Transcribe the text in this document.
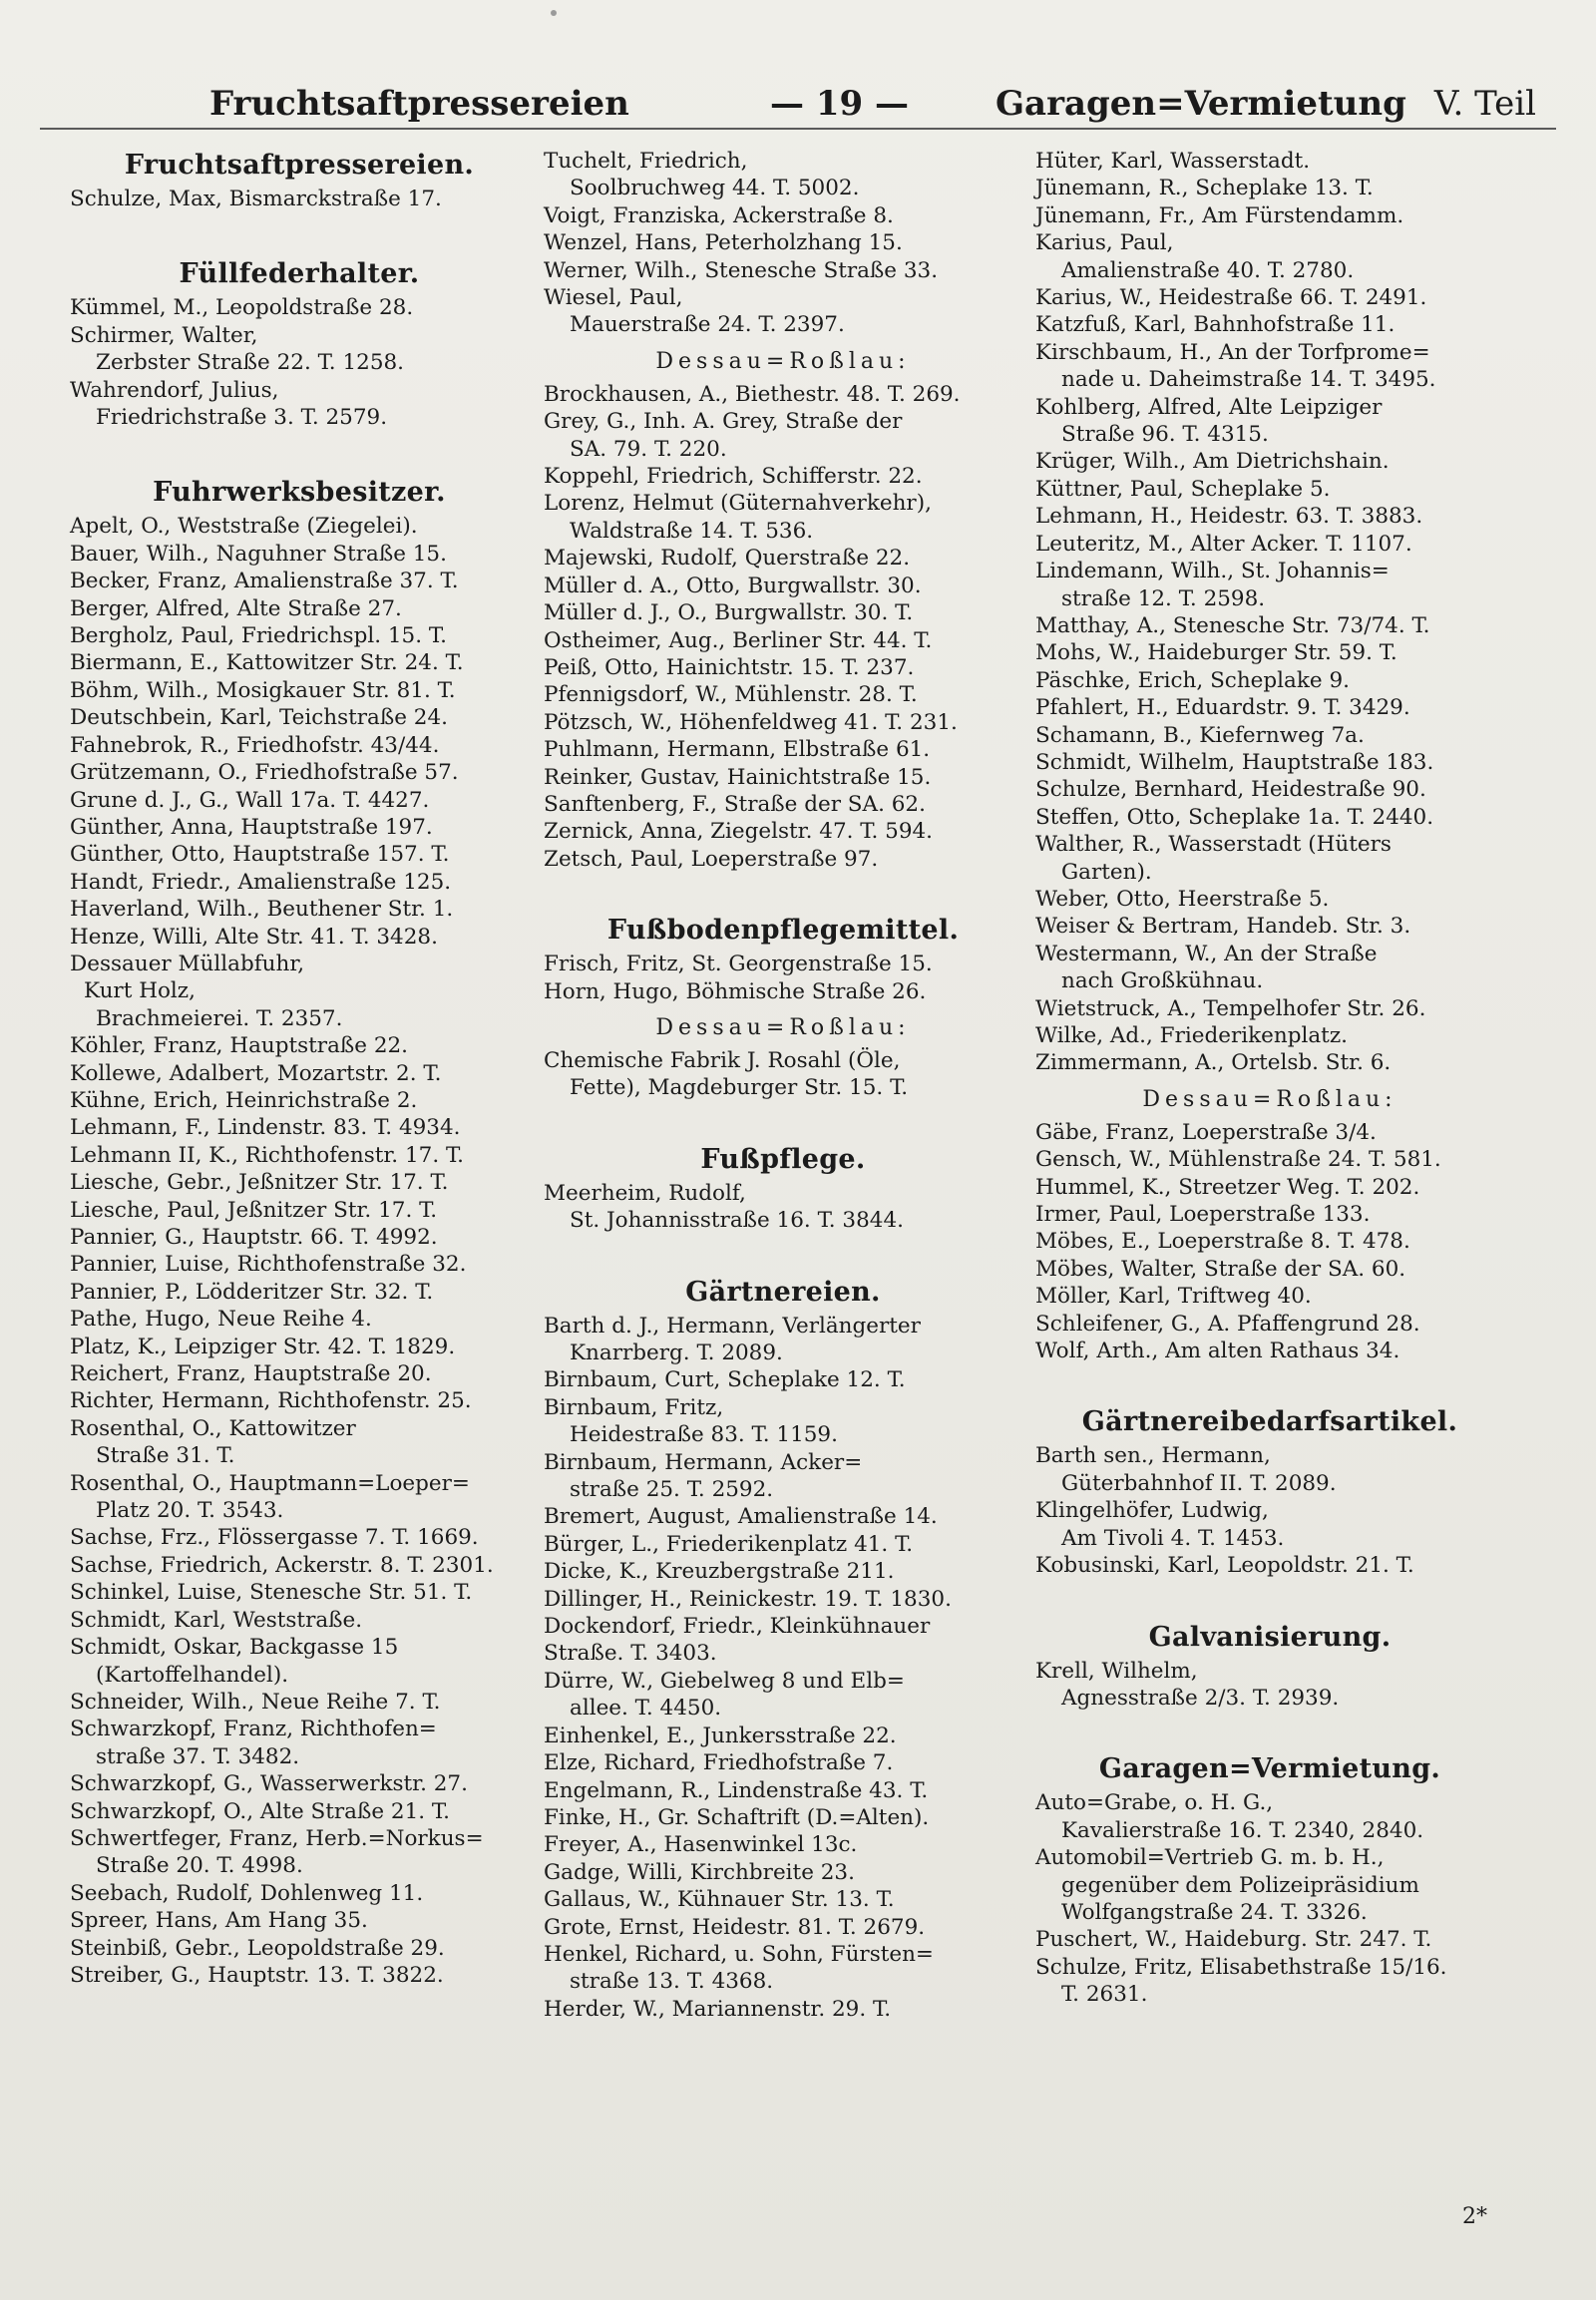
Fruchtsaftpressereien	— 19 —	Garagen=Vermietung V. Teil
Fruchtsaftpressereien.
Schulze, Max, Bismarckstraße 17.
Füllfederhalter.
Kümmel, M., Leopoldstraße 28.
Schirmer, Walter,
Zerbster Straße 22. T. 1258.
Wahrendorf, Julius,
Friedrichstraße 3. T. 2579.
Fuhrwerksbesitzer.
Apelt, O., Weststraße (Ziegelei).
Bauer, Wilh., Naguhner Straße 15.
Becker, Franz, Amalienstraße 37. T.
Berger, Alfred, Alte Straße 27.
Bergholz, Paul, Friedrichspl. 15. T.
Biermann, E., Kattowitzer Str. 24. T.
Böhm, Wilh., Mosigkauer Str. 81. T.
Deutschbein, Karl, Teichstraße 24.
Fahnebrok, R., Friedhofstr. 43/44.
Grützemann, O., Friedhofstraße 57.
Grune d. J., G., Wall 17a. T. 4427.
Günther, Anna, Hauptstraße 197.
Günther, Otto, Hauptstraße 157. T.
Handt, Friedr., Amalienstraße 125.
Haverland, Wilh., Beuthener Str. 1.
Henze, Willi, Alte Str. 41. T. 3428.
Dessauer Müllabfuhr,
Kurt Holz,
Brachmeierei. T. 2357.
Köhler, Franz, Hauptstraße 22.
Kollewe, Adalbert, Mozartstr. 2. T.
Kühne, Erich, Heinrichstraße 2.
Lehmann, F., Lindenstr. 83. T. 4934.
Lehmann II, K., Richthofenstr. 17. T.
Liesche, Gebr., Jeßnitzer Str. 17. T.
Liesche, Paul, Jeßnitzer Str. 17. T.
Pannier, G., Hauptstr. 66. T. 4992.
Pannier, Luise, Richthofenstraße 32.
Pannier, P., Lödderitzer Str. 32. T.
Pathe, Hugo, Neue Reihe 4.
Platz, K., Leipziger Str. 42. T. 1829.
Reichert, Franz, Hauptstraße 20.
Richter, Hermann, Richthofenstr. 25.
Rosenthal, O., Kattowitzer
Straße 31. T.
Rosenthal, O., Hauptmann=Loeper=
Platz 20. T. 3543.
Sachse, Frz., Flössergasse 7. T. 1669.
Sachse, Friedrich, Ackerstr. 8. T. 2301.
Schinkel, Luise, Stenesche Str. 51. T.
Schmidt, Karl, Weststraße.
Schmidt, Oskar, Backgasse 15
(Kartoffelhandel).
Schneider, Wilh., Neue Reihe 7. T.
Schwarzkopf, Franz, Richthofen=
straße 37. T. 3482.
Schwarzkopf, G., Wasserwerkstr. 27.
Schwarzkopf, O., Alte Straße 21. T.
Schwertfeger, Franz, Herb.=Norkus=
Straße 20. T. 4998.
Seebach, Rudolf, Dohlenweg 11.
Spreer, Hans, Am Hang 35.
Steinbiß, Gebr., Leopoldstraße 29.
Streiber, G., Hauptstr. 13. T. 3822.
Tuchelt, Friedrich,
Soolbruchweg 44. T. 5002.
Voigt, Franziska, Ackerstraße 8.
Wenzel, Hans, Peterholzhang 15.
Werner, Wilh., Stenesche Straße 33.
Wiesel, Paul,
Mauerstraße 24. T. 2397.
Dessau=Roßlau:
Brockhausen, A., Biethestr. 48. T. 269.
Grey, G., Inh. A. Grey, Straße der
SA. 79. T. 220.
Koppehl, Friedrich, Schifferstr. 22.
Lorenz, Helmut (Güternahverkehr),
Waldstraße 14. T. 536.
Majewski, Rudolf, Querstraße 22.
Müller d. A., Otto, Burgwallstr. 30.
Müller d. J., O., Burgwallstr. 30. T.
Ostheimer, Aug., Berliner Str. 44. T.
Peiß, Otto, Hainichtstr. 15. T. 237.
Pfennigsdorf, W., Mühlenstr. 28. T.
Pötzsch, W., Höhenfeldweg 41. T. 231.
Puhlmann, Hermann, Elbstraße 61.
Reinker, Gustav, Hainichtstraße 15.
Sanftenberg, F., Straße der SA. 62.
Zernick, Anna, Ziegelstr. 47. T. 594.
Zetsch, Paul, Loeperstraße 97.
Fußbodenpflegemittel.
Frisch, Fritz, St. Georgenstraße 15.
Horn, Hugo, Böhmische Straße 26.
Dessau=Roßlau:
Chemische Fabrik J. Rosahl (Öle,
Fette), Magdeburger Str. 15. T.
Fußpflege.
Meerheim, Rudolf,
St. Johannisstraße 16. T. 3844.
Gärtnereien.
Barth d. J., Hermann, Verlängerter
Knarrberg. T. 2089.
Birnbaum, Curt, Scheplake 12. T.
Birnbaum, Fritz,
Heidestraße 83. T. 1159.
Birnbaum, Hermann, Acker=
straße 25. T. 2592.
Bremert, August, Amalienstraße 14.
Bürger, L., Friederikenplatz 41. T.
Dicke, K., Kreuzbergstraße 211.
Dillinger, H., Reinickestr. 19. T. 1830.
Dockendorf, Friedr., Kleinkühnauer
Straße. T. 3403.
Dürre, W., Giebelweg 8 und Elb=
allee. T. 4450.
Einhenkel, E., Junkersstraße 22.
Elze, Richard, Friedhofstraße 7.
Engelmann, R., Lindenstraße 43. T.
Finke, H., Gr. Schaftrift (D.=Alten).
Freyer, A., Hasenwinkel 13c.
Gadge, Willi, Kirchbreite 23.
Gallaus, W., Kühnauer Str. 13. T.
Grote, Ernst, Heidestr. 81. T. 2679.
Henkel, Richard, u. Sohn, Fürsten=
straße 13. T. 4368.
Herder, W., Mariannenstr. 29. T.
Hüter, Karl, Wasserstadt.
Jünemann, R., Scheplake 13. T.
Jünemann, Fr., Am Fürstendamm.
Karius, Paul,
Amalienstraße 40. T. 2780.
Karius, W., Heidestraße 66. T. 2491.
Katzfuß, Karl, Bahnhofstraße 11.
Kirschbaum, H., An der Torfprome=
nade u. Daheimstraße 14. T. 3495.
Kohlberg, Alfred, Alte Leipziger
Straße 96. T. 4315.
Krüger, Wilh., Am Dietrichshain.
Küttner, Paul, Scheplake 5.
Lehmann, H., Heidestr. 63. T. 3883.
Leuteritz, M., Alter Acker. T. 1107.
Lindemann, Wilh., St. Johannis=
straße 12. T. 2598.
Matthay, A., Stenesche Str. 73/74. T.
Mohs, W., Haideburger Str. 59. T.
Päschke, Erich, Scheplake 9.
Pfahlert, H., Eduardstr. 9. T. 3429.
Schamann, B., Kiefernweg 7a.
Schmidt, Wilhelm, Hauptstraße 183.
Schulze, Bernhard, Heidestraße 90.
Steffen, Otto, Scheplake 1a. T. 2440.
Walther, R., Wasserstadt (Hüters
Garten).
Weber, Otto, Heerstraße 5.
Weiser & Bertram, Handeb. Str. 3.
Westermann, W., An der Straße
nach Großkühnau.
Wietstruck, A., Tempelhofer Str. 26.
Wilke, Ad., Friederikenplatz.
Zimmermann, A., Ortelsb. Str. 6.
Dessau=Roßlau:
Gäbe, Franz, Loeperstraße 3/4.
Gensch, W., Mühlenstraße 24. T. 581.
Hummel, K., Streetzer Weg. T. 202.
Irmer, Paul, Loeperstraße 133.
Möbes, E., Loeperstraße 8. T. 478.
Möbes, Walter, Straße der SA. 60.
Möller, Karl, Triftweg 40.
Schleifener, G., A. Pfaffengrund 28.
Wolf, Arth., Am alten Rathaus 34.
Gärtnereibedarfsartikel.
Barth sen., Hermann,
Güterbahnhof II. T. 2089.
Klingelhöfer, Ludwig,
Am Tivoli 4. T. 1453.
Kobusinski, Karl, Leopoldstr. 21. T.
Galvanisierung.
Krell, Wilhelm,
Agnesstraße 2/3. T. 2939.
Garagen=Vermietung.
Auto=Grabe, o. H. G.,
Kavalierstraße 16. T. 2340, 2840.
Automobil=Vertrieb G. m. b. H.,
gegenüber dem Polizeipräsidium
Wolfgangstraße 24. T. 3326.
Puschert, W., Haideburg. Str. 247. T.
Schulze, Fritz, Elisabethstraße 15/16.
T. 2631.
2*
